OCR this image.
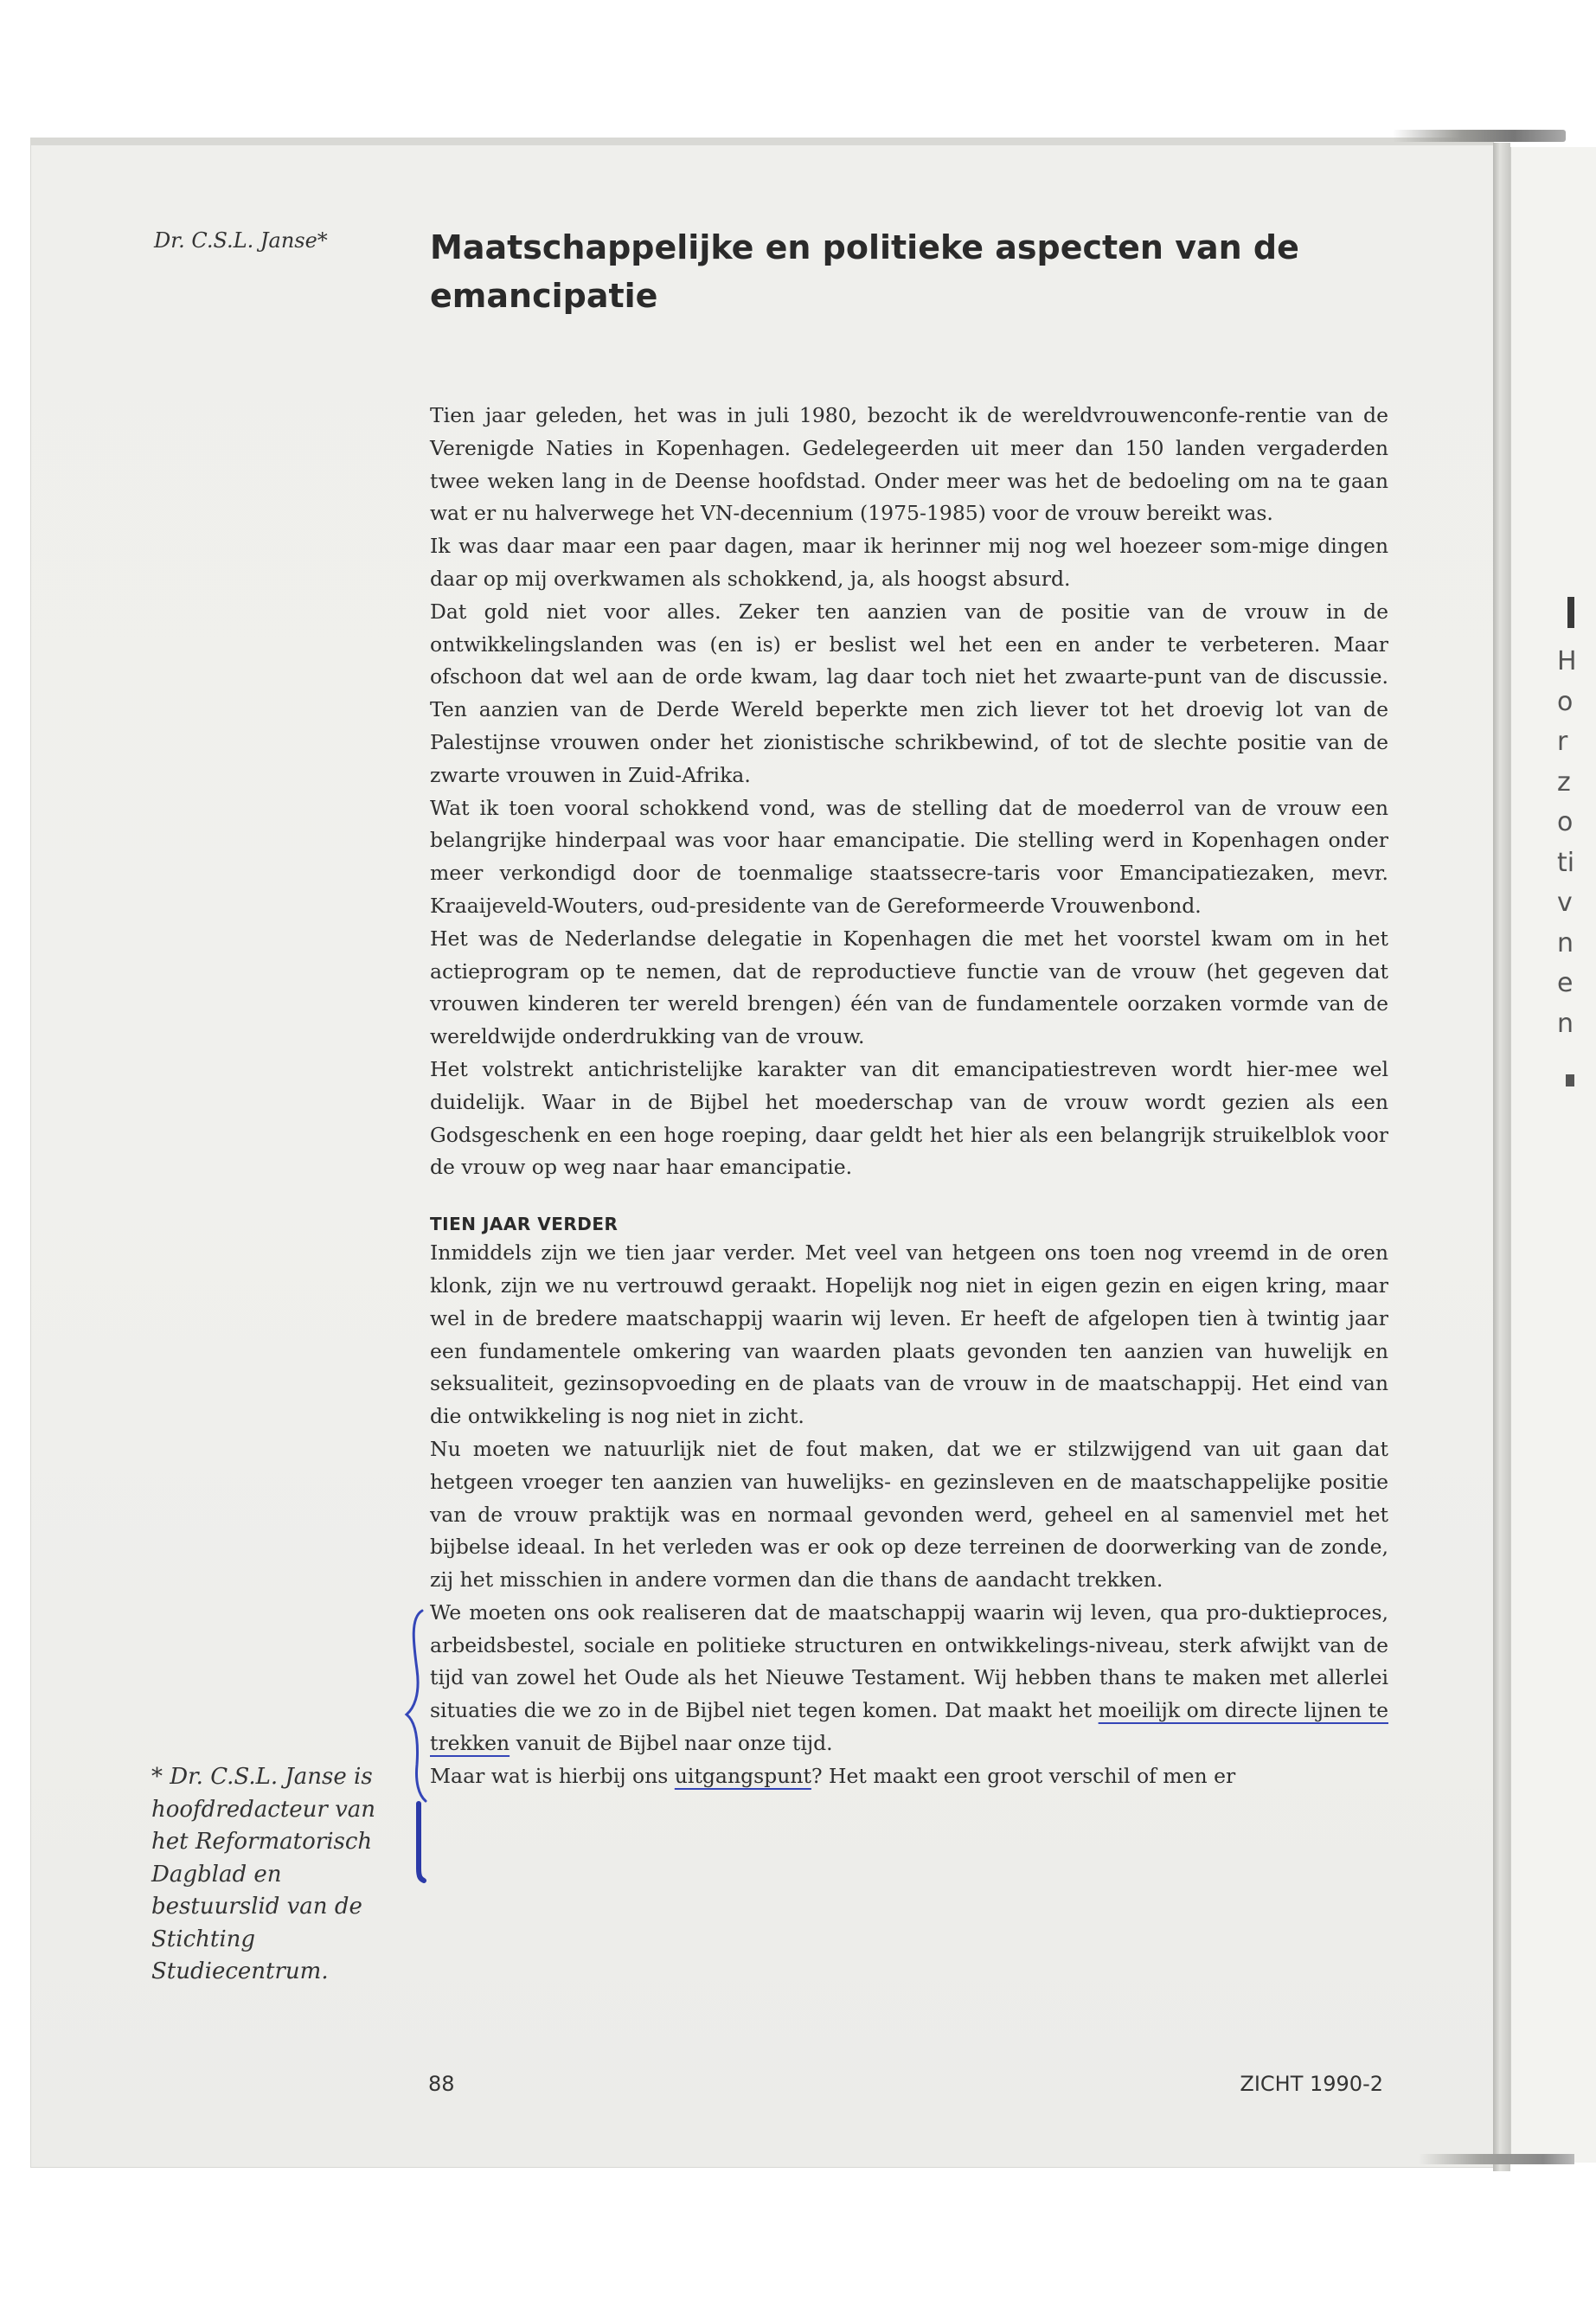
H
o
r
z
o
ti
v
n
e
n
Dr. C.S.L. Janse*	Maatschappelijke en politieke aspecten van de emancipatie

Tien jaar geleden, het was in juli 1980, bezocht ik de wereldvrouwenconfe-rentie van de Verenigde Naties in Kopenhagen. Gedelegeerden uit meer dan 150 landen vergaderden twee weken lang in de Deense hoofdstad. Onder meer was het de bedoeling om na te gaan wat er nu halverwege het VN-decennium (1975-1985) voor de vrouw bereikt was.

Ik was daar maar een paar dagen, maar ik herinner mij nog wel hoezeer som-mige dingen daar op mij overkwamen als schokkend, ja, als hoogst absurd.

Dat gold niet voor alles. Zeker ten aanzien van de positie van de vrouw in de ontwikkelingslanden was (en is) er beslist wel het een en ander te verbeteren. Maar ofschoon dat wel aan de orde kwam, lag daar toch niet het zwaarte-punt van de discussie. Ten aanzien van de Derde Wereld beperkte men zich liever tot het droevig lot van de Palestijnse vrouwen onder het zionistische schrikbewind, of tot de slechte positie van de zwarte vrouwen in Zuid-Afrika.

Wat ik toen vooral schokkend vond, was de stelling dat de moederrol van de vrouw een belangrijke hinderpaal was voor haar emancipatie. Die stelling werd in Kopenhagen onder meer verkondigd door de toenmalige staatssecre-taris voor Emancipatiezaken, mevr. Kraaijeveld-Wouters, oud-presidente van de Gereformeerde Vrouwenbond.

Het was de Nederlandse delegatie in Kopenhagen die met het voorstel kwam om in het actieprogram op te nemen, dat de reproductieve functie van de vrouw (het gegeven dat vrouwen kinderen ter wereld brengen) één van de fundamentele oorzaken vormde van de wereldwijde onderdrukking van de vrouw.

Het volstrekt antichristelijke karakter van dit emancipatiestreven wordt hier-mee wel duidelijk. Waar in de Bijbel het moederschap van de vrouw wordt gezien als een Godsgeschenk en een hoge roeping, daar geldt het hier als een belangrijk struikelblok voor de vrouw op weg naar haar emancipatie.

TIEN JAAR VERDER

Inmiddels zijn we tien jaar verder. Met veel van hetgeen ons toen nog vreemd in de oren klonk, zijn we nu vertrouwd geraakt. Hopelijk nog niet in eigen gezin en eigen kring, maar wel in de bredere maatschappij waarin wij leven. Er heeft de afgelopen tien à twintig jaar een fundamentele omkering van waarden plaats gevonden ten aanzien van huwelijk en seksualiteit, gezinsopvoeding en de plaats van de vrouw in de maatschappij. Het eind van die ontwikkeling is nog niet in zicht.

Nu moeten we natuurlijk niet de fout maken, dat we er stilzwijgend van uit gaan dat hetgeen vroeger ten aanzien van huwelijks- en gezinsleven en de maatschappelijke positie van de vrouw praktijk was en normaal gevonden werd, geheel en al samenviel met het bijbelse ideaal. In het verleden was er ook op deze terreinen de doorwerking van de zonde, zij het misschien in andere vormen dan die thans de aandacht trekken.

We moeten ons ook realiseren dat de maatschappij waarin wij leven, qua pro-duktieproces, arbeidsbestel, sociale en politieke structuren en ontwikkelings-niveau, sterk afwijkt van de tijd van zowel het Oude als het Nieuwe Testament. Wij hebben thans te maken met allerlei situaties die we zo in de Bijbel niet tegen komen. Dat maakt het moeilijk om directe lijnen te trekken vanuit de Bijbel naar onze tijd.

Maar wat is hierbij ons uitgangspunt? Het maakt een groot verschil of men er

* Dr. C.S.L. Janse is hoofdredacteur van het Reformatorisch Dagblad en bestuurslid van de Stichting Studiecentrum.

88	ZICHT 1990-2
